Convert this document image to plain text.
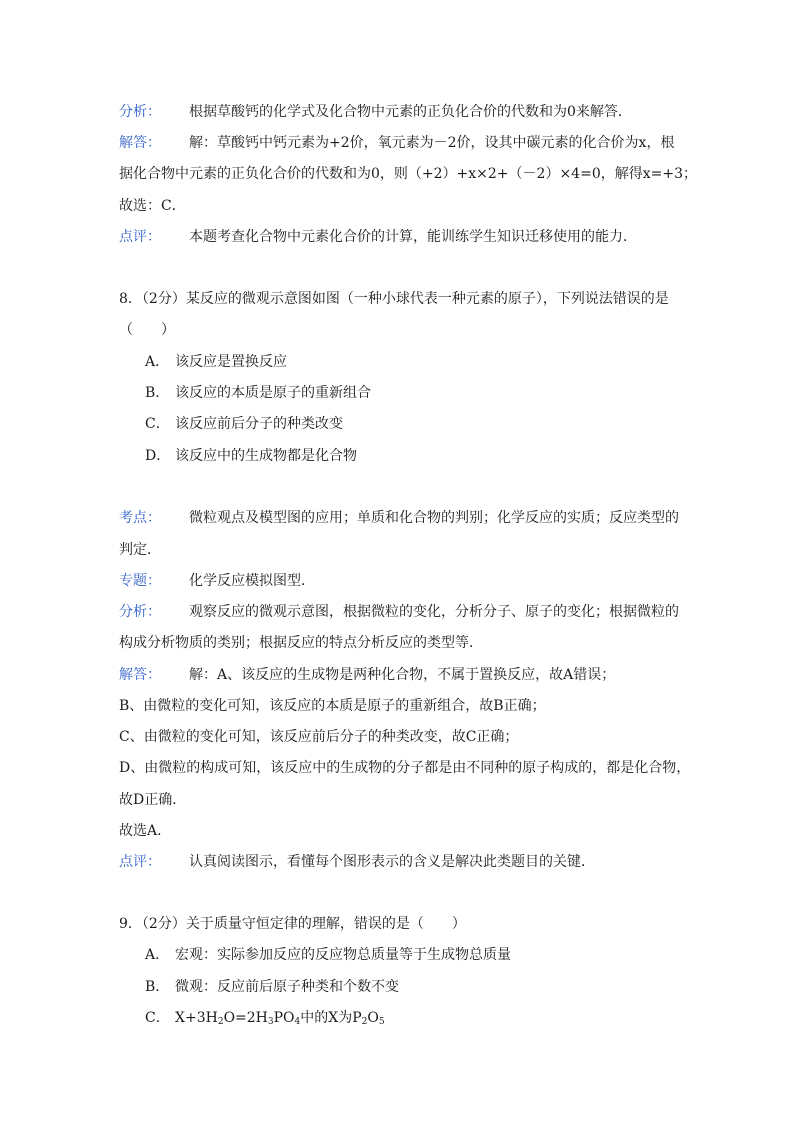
分析： 根据草酸钙的化学式及化合物中元素的正负化合价的代数和为0来解答．
解答： 解：草酸钙中钙元素为+2价，氧元素为－2价，设其中碳元素的化合价为x，根
据化合物中元素的正负化合价的代数和为0，则（+2）+x×2+（－2）×4=0，解得x=+3；
故选：C．
点评： 本题考查化合物中元素化合价的计算，能训练学生知识迁移使用的能力．
8．（2分）某反应的微观示意图如图（一种小球代表一种元素的原子），下列说法错误的是
（　　）
A． 该反应是置换反应
B． 该反应的本质是原子的重新组合
C． 该反应前后分子的种类改变
D． 该反应中的生成物都是化合物
考点： 微粒观点及模型图的应用；单质和化合物的判别；化学反应的实质；反应类型的
判定．
专题： 化学反应模拟图型．
分析： 观察反应的微观示意图，根据微粒的变化，分析分子、原子的变化；根据微粒的
构成分析物质的类别；根据反应的特点分析反应的类型等．
解答： 解：A、该反应的生成物是两种化合物，不属于置换反应，故A错误；
B、由微粒的变化可知，该反应的本质是原子的重新组合，故B正确；
C、由微粒的变化可知，该反应前后分子的种类改变，故C正确；
D、由微粒的构成可知，该反应中的生成物的分子都是由不同种的原子构成的，都是化合物，
故D正确．
故选A．
点评： 认真阅读图示，看懂每个图形表示的含义是解决此类题目的关键．
9．（2分）关于质量守恒定律的理解，错误的是（　　）
A． 宏观：实际参加反应的反应物总质量等于生成物总质量
B． 微观：反应前后原子种类和个数不变
C． $X+3H_2O=2H_3PO_4$中的X为$P_2O_5$
